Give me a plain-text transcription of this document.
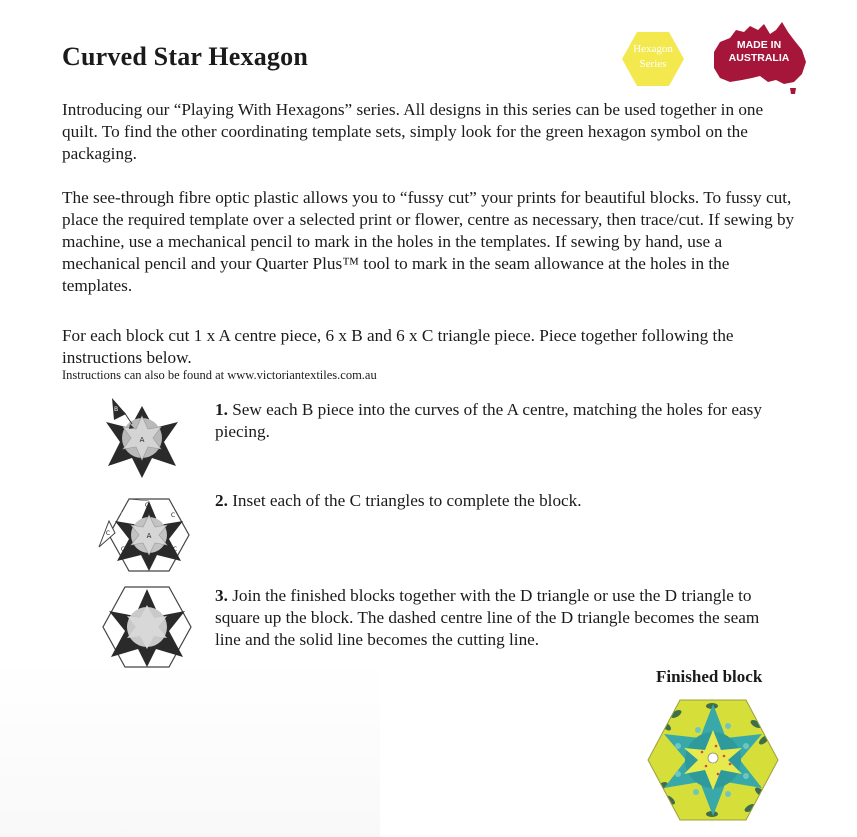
Curved Star Hexagon	Hexagon
Series
MADE IN
AUSTRALIA
Introducing our “Playing With Hexagons” series. All designs in this series can be used together in one quilt. To find the other coordinating template sets, simply look for the green hexagon symbol on the packaging.
The see-through fibre optic plastic allows you to “fussy cut” your prints for beautiful blocks. To fussy cut, place the required template over a selected print or flower, centre as necessary, then trace/cut. If sewing by machine, use a mechanical pencil to mark in the holes in the templates. If sewing by hand, use a mechanical pencil and your Quarter Plus™ tool to mark in the seam allowance at the holes in the templates.
For each block cut 1 x A centre piece, 6 x B and 6 x C triangle piece. Piece together following the instructions below.
Instructions can also be found at www.victoriantextiles.com.au
A
B
A
C
C
B	C
C
C
C
1. Sew each B piece into the curves of the A centre, matching the holes for easy piecing.
2. Inset each of the C triangles to complete the block.
3. Join the finished blocks together with the D triangle or use the D triangle to square up the block. The dashed centre line of the D triangle becomes the seam line and the solid line becomes the cutting line.
Finished block
